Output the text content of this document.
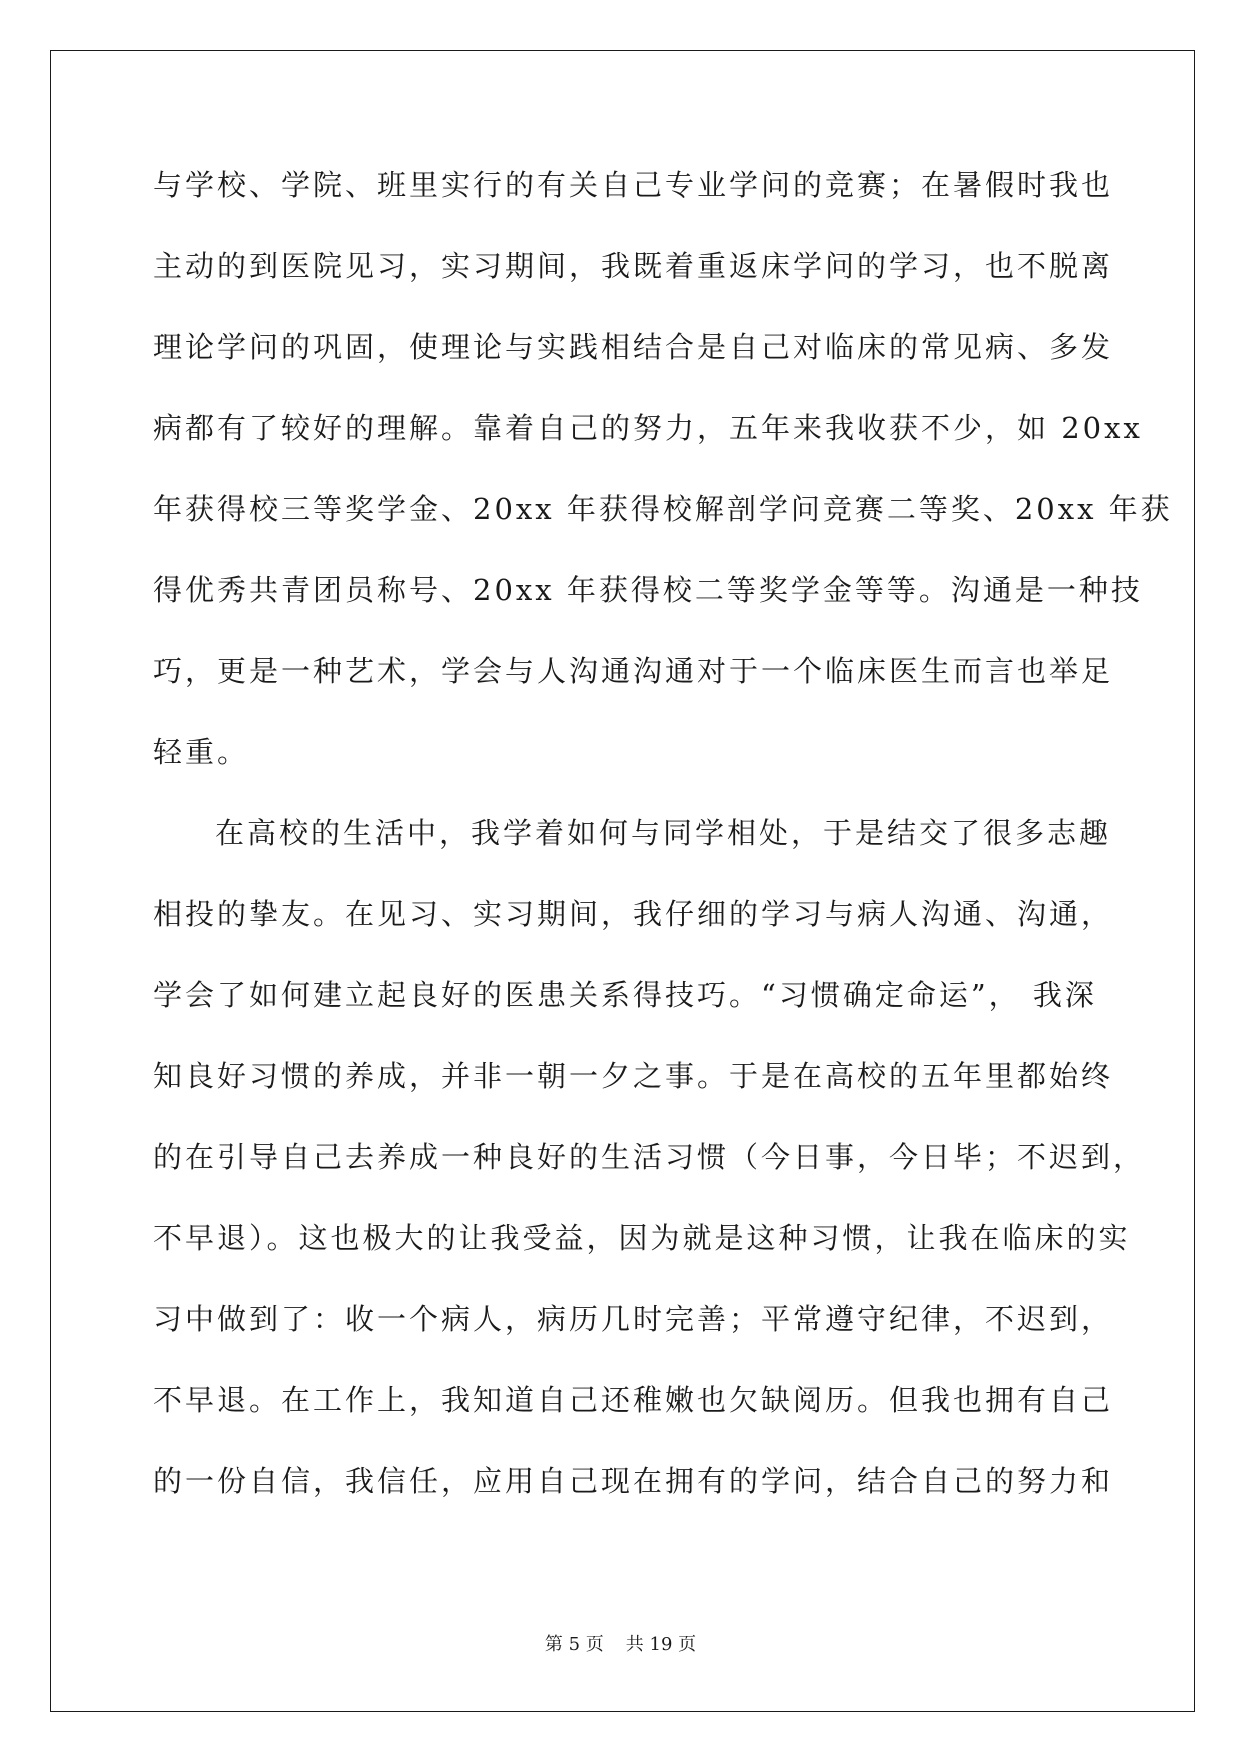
与学校、学院、班里实行的有关自己专业学问的竞赛；在暑假时我也
主动的到医院见习，实习期间，我既着重返床学问的学习，也不脱离
理论学问的巩固，使理论与实践相结合是自己对临床的常见病、多发
病都有了较好的理解。靠着自己的努力，五年来我收获不少，如 20xx
年获得校三等奖学金、20xx 年获得校解剖学问竞赛二等奖、20xx 年获
得优秀共青团员称号、20xx 年获得校二等奖学金等等。沟通是一种技
巧，更是一种艺术，学会与人沟通沟通对于一个临床医生而言也举足
轻重。
在高校的生活中，我学着如何与同学相处，于是结交了很多志趣
相投的挚友。在见习、实习期间，我仔细的学习与病人沟通、沟通，
学会了如何建立起良好的医患关系得技巧。“习惯确定命运”， 我深
知良好习惯的养成，并非一朝一夕之事。于是在高校的五年里都始终
的在引导自己去养成一种良好的生活习惯（今日事，今日毕；不迟到，
不早退）。这也极大的让我受益，因为就是这种习惯，让我在临床的实
习中做到了：收一个病人，病历几时完善；平常遵守纪律，不迟到，
不早退。在工作上，我知道自己还稚嫩也欠缺阅历。但我也拥有自己
的一份自信，我信任，应用自己现在拥有的学问，结合自己的努力和
第 5 页 共 19 页
